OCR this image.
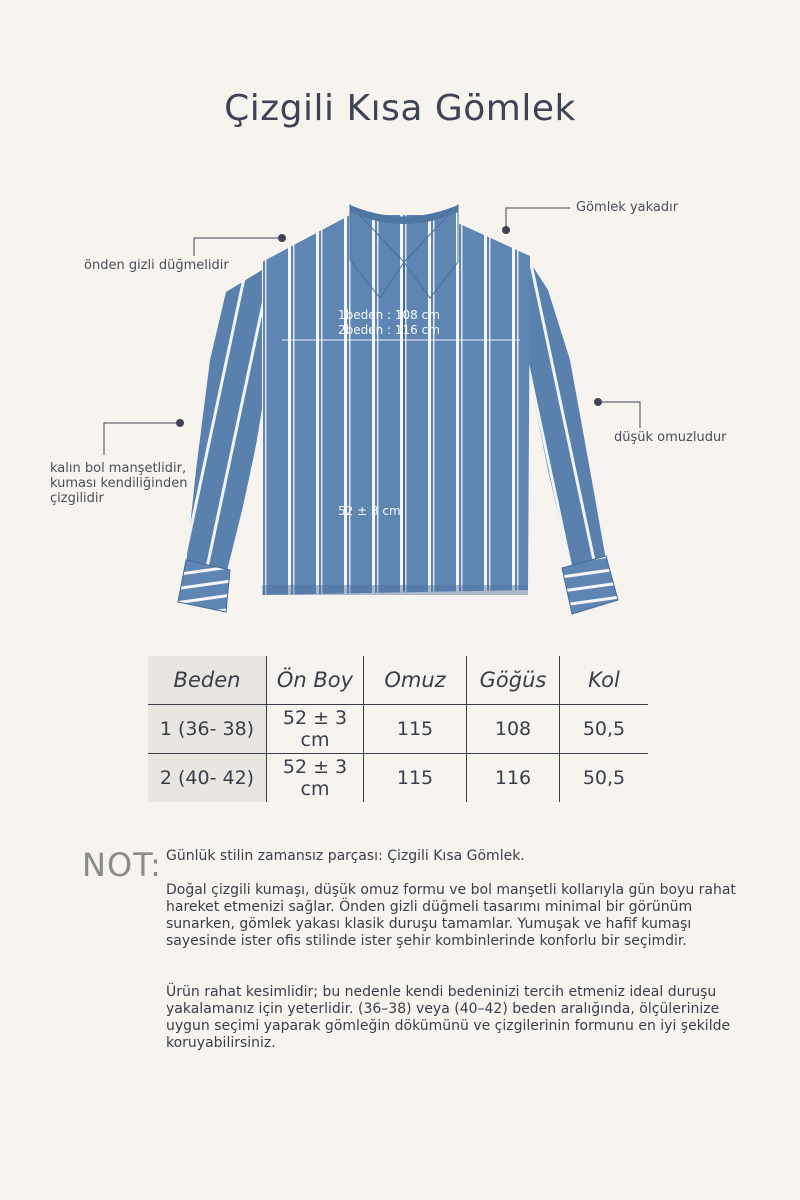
Çizgili Kısa Gömlek
1beden : 108 cm
2beden : 116 cm
52 ± 3 cm
Gömlek yakadır
önden gizli düğmelidir
düşük omuzludur
kalın bol manşetlidir, kuması kendiliğinden çizgilidir
Beden	Ön Boy	Omuz	Göğüs	Kol
1 (36- 38)	52 ± 3 cm	115	108	50,5
2 (40- 42)	52 ± 3 cm	115	116	50,5
NOT: Günlük stilin zamansız parçası: Çizgili Kısa Gömlek.

Doğal çizgili kumaşı, düşük omuz formu ve bol manşetli kollarıyla gün boyu rahat hareket etmenizi sağlar. Önden gizli düğmeli tasarımı minimal bir görünüm sunarken, gömlek yakası klasik duruşu tamamlar. Yumuşak ve hafif kumaşı sayesinde ister ofis stilinde ister şehir kombinlerinde konforlu bir seçimdir.

Ürün rahat kesimlidir; bu nedenle kendi bedeninizi tercih etmeniz ideal duruşu yakalamanız için yeterlidir. (36–38) veya (40–42) beden aralığında, ölçülerinize uygun seçimi yaparak gömleğin dökümünü ve çizgilerinin formunu en iyi şekilde koruyabilirsiniz.
